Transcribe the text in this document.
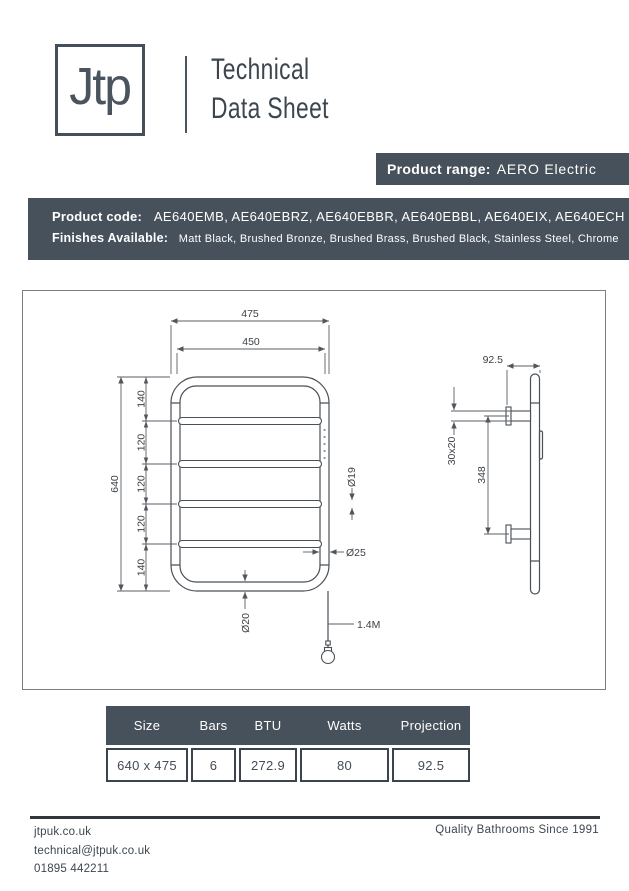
Jtp	Technical
Data Sheet
Product range: AERO Electric
Product code: AE640EMB, AE640EBRZ, AE640EBBR, AE640EBBL, AE640EIX, AE640ECH
Finishes Available: Matt Black, Brushed Bronze, Brushed Brass, Brushed Black, Stainless Steel, Chrome
475
450
640
140
120
120
120
140
Ø19
Ø25
Ø20	1.4M
92.5
30x20
348
Size	Bars	BTU	Watts	Projection
640 x 475	6	272.9	80	92.5
jtpuk.co.uk
technical@jtpuk.co.uk
01895 442211
Quality Bathrooms Since 1991
